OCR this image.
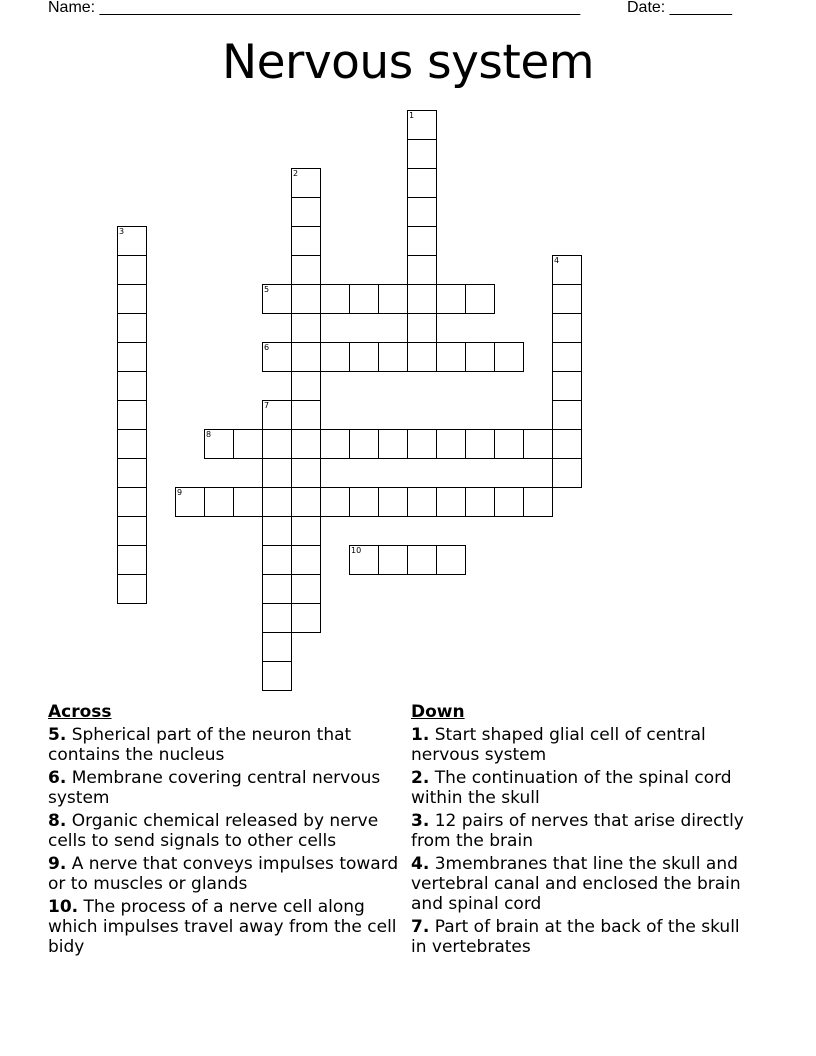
Name: ______________________________________________________	Date: _______
Nervous system
1
2
3
4
5
6
7
8
9
10
Across
5. Spherical part of the neuron that contains the nucleus
6. Membrane covering central nervous system
8. Organic chemical released by nerve cells to send signals to other cells
9. A nerve that conveys impulses toward or to muscles or glands
10. The process of a nerve cell along which impulses travel away from the cell bidy
Down
1. Start shaped glial cell of central nervous system
2. The continuation of the spinal cord within the skull
3. 12 pairs of nerves that arise directly from the brain
4. 3membranes that line the skull and vertebral canal and enclosed the brain and spinal cord
7. Part of brain at the back of the skull in vertebrates
